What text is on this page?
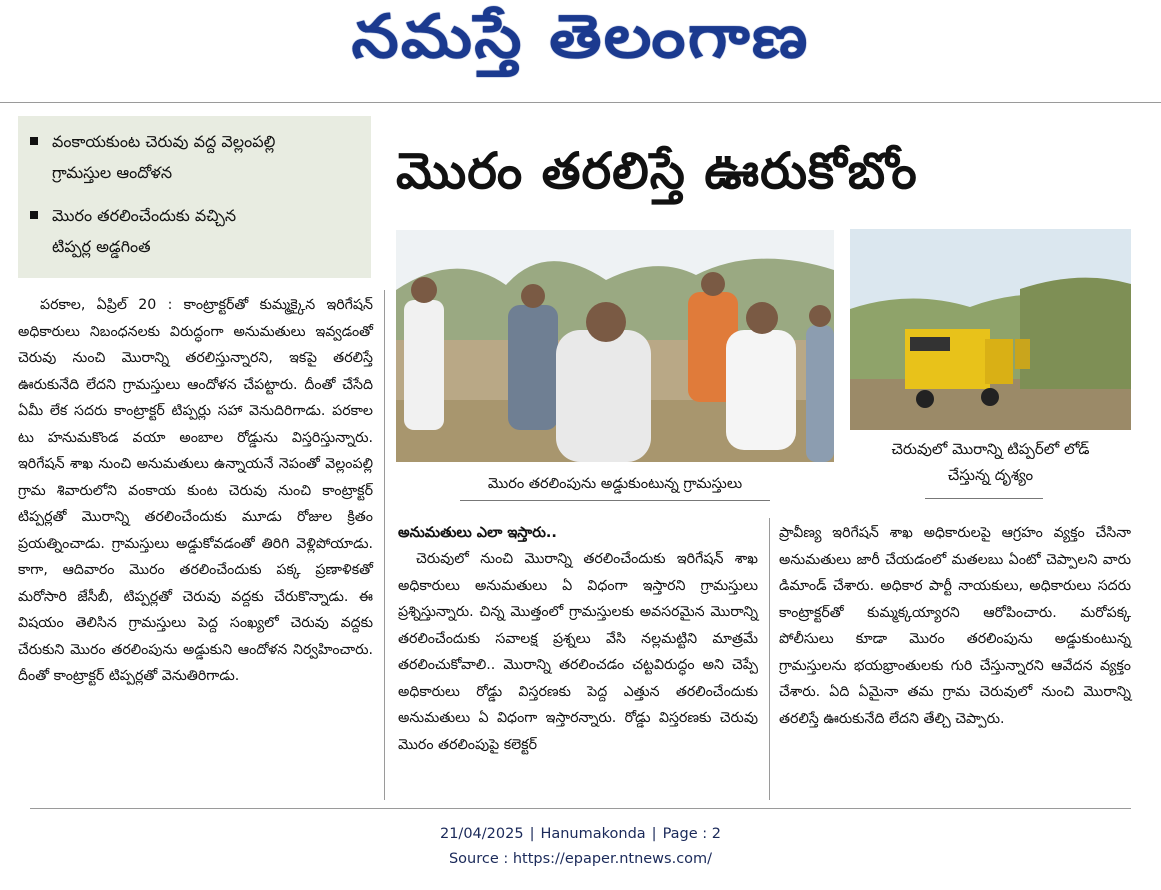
నమస్తే తెలంగాణ
వంకాయకుంట చెరువు వద్ద వెల్లంపల్లి
గ్రామస్తుల ఆందోళన
మొరం తరలించేందుకు వచ్చిన
టిప్పర్ల అడ్డగింత
మొరం తరలిస్తే ఊరుకోబోం
మొరం తరలింపును అడ్డుకుంటున్న గ్రామస్తులు
చెరువులో మొరాన్ని టిప్పర్‌లో లోడ్
చేస్తున్న దృశ్యం
పరకాల, ఏప్రిల్ 20 : కాంట్రాక్టర్‌తో కుమ్మక్కైన ఇరిగేషన్ అధికారులు నిబంధనలకు విరుద్ధంగా అనుమతులు ఇవ్వడంతో చెరువు నుంచి మొరాన్ని తరలిస్తున్నారని, ఇకపై తరలిస్తే ఊరుకునేది లేదని గ్రామస్తులు ఆందోళన చేపట్టారు. దీంతో చేసేది ఏమీ లేక సదరు కాంట్రాక్టర్ టిప్పర్లు సహా వెనుదిరిగాడు. పరకాల టు హనుమకొండ వయా అంబాల రోడ్డును విస్తరిస్తున్నారు. ఇరిగేషన్ శాఖ నుంచి అనుమతులు ఉన్నాయనే నెపంతో వెల్లంపల్లి గ్రామ శివారులోని వంకాయ కుంట చెరువు నుంచి కాంట్రాక్టర్ టిప్పర్లతో మొరాన్ని తరలించేందుకు మూడు రోజుల క్రితం ప్రయత్నించాడు. గ్రామస్తులు అడ్డుకోవడంతో తిరిగి వెళ్లిపోయాడు. కాగా, ఆదివారం మొరం తరలించేందుకు పక్క ప్రణాళికతో మరోసారి జేసీబీ, టిప్పర్లతో చెరువు వద్దకు చేరుకొన్నాడు. ఈ విషయం తెలిసిన గ్రామస్తులు పెద్ద సంఖ్యలో చెరువు వద్దకు చేరుకుని మొరం తరలింపును అడ్డుకుని ఆందోళన నిర్వహించారు. దీంతో కాంట్రాక్టర్ టిప్పర్లతో వెనుతిరిగాడు.
అనుమతులు ఎలా ఇస్తారు..
చెరువులో నుంచి మొరాన్ని తరలించేందుకు ఇరిగేషన్ శాఖ అధికారులు అనుమతులు ఏ విధంగా ఇస్తారని గ్రామస్తులు ప్రశ్నిస్తున్నారు. చిన్న మొత్తంలో గ్రామస్తులకు అవసరమైన మొరాన్ని తరలించేందుకు సవాలక్ష ప్రశ్నలు వేసి నల్లమట్టిని మాత్రమే తరలించుకోవాలి.. మొరాన్ని తరలించడం చట్టవిరుద్ధం అని చెప్పే అధికారులు రోడ్డు విస్తరణకు పెద్ద ఎత్తున తరలించేందుకు అనుమతులు ఏ విధంగా ఇస్తారన్నారు. రోడ్డు విస్తరణకు చెరువు మొరం తరలింపుపై కలెక్టర్
ప్రావీణ్య ఇరిగేషన్ శాఖ అధికారులపై ఆగ్రహం వ్యక్తం చేసినా అనుమతులు జారీ చేయడంలో మతలబు ఏంటో చెప్పాలని వారు డిమాండ్ చేశారు. అధికార పార్టీ నాయకులు, అధికారులు సదరు కాంట్రాక్టర్‌తో కుమ్మక్కయ్యారని ఆరోపించారు. మరోపక్క పోలీసులు కూడా మొరం తరలింపును అడ్డుకుంటున్న గ్రామస్తులను భయభ్రాంతులకు గురి చేస్తున్నారని ఆవేదన వ్యక్తం చేశారు. ఏది ఏమైనా తమ గ్రామ చెరువులో నుంచి మొరాన్ని తరలిస్తే ఊరుకునేది లేదని తేల్చి చెప్పారు.
21/04/2025 | Hanumakonda | Page : 2
Source : https://epaper.ntnews.com/
